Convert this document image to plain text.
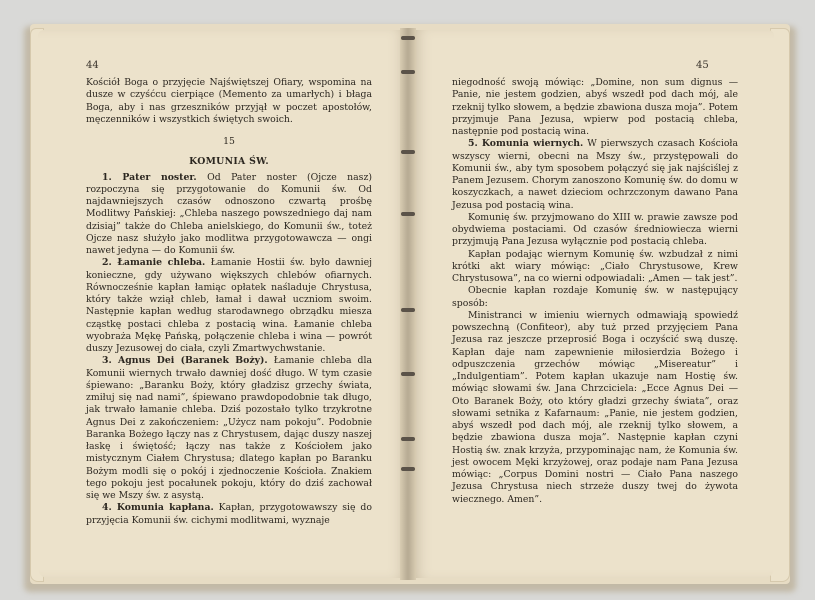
44	45

Kościół Boga o przyjęcie Najświętszej Ofiary, wspomina na dusze w czyśćcu cierpiące (Memento za umarłych) i błaga Boga, aby i nas grzeszników przyjął w poczet apostołów, męczenników i wszystkich świętych swoich.

15

KOMUNIA ŚW.

1. Pater noster. Od Pater noster (Ojcze nasz) rozpoczyna się przygotowanie do Komunii św. Od najdawniejszych czasów odnoszono czwartą prośbę Modlitwy Pańskiej: „Chleba naszego powszedniego daj nam dzisiaj” także do Chleba anielskiego, do Komunii św., toteż Ojcze nasz służyło jako modlitwa przygotowawcza — ongi nawet jedyna — do Komunii św.

2. Łamanie chleba. Łamanie Hostii św. było dawniej konieczne, gdy używano większych chlebów ofiarnych. Równocześnie kapłan łamiąc opłatek naśladuje Chrystusa, który także wziął chleb, łamał i dawał uczniom swoim. Następnie kapłan według starodawnego obrządku miesza cząstkę postaci chleba z postacią wina. Łamanie chleba wyobraża Mękę Pańską, połączenie chleba i wina — powrót duszy Jezusowej do ciała, czyli Zmartwychwstanie.

3. Agnus Dei (Baranek Boży). Łamanie chleba dla Komunii wiernych trwało dawniej dość długo. W tym czasie śpiewano: „Baranku Boży, który gładzisz grzechy świata, zmiłuj się nad nami”, śpiewano prawdopodobnie tak długo, jak trwało łamanie chleba. Dziś pozostało tylko trzykrotne Agnus Dei z zakończeniem: „Użycz nam pokoju”. Podobnie Baranka Bożego łączy nas z Chrystusem, dając duszy naszej łaskę i świętość; łączy nas także z Kościołem jako mistycznym Ciałem Chrystusa; dlatego kapłan po Baranku Bożym modli się o pokój i zjednoczenie Kościoła. Znakiem tego pokoju jest pocałunek pokoju, który do dziś zachował się we Mszy św. z asystą.

4. Komunia kapłana. Kapłan, przygotowawszy się do przyjęcia Komunii św. cichymi modlitwami, wyznaje

niegodność swoją mówiąc: „Domine, non sum dignus — Panie, nie jestem godzien, abyś wszedł pod dach mój, ale rzeknij tylko słowem, a będzie zbawiona dusza moja”. Potem przyjmuje Pana Jezusa, wpierw pod postacią chleba, następnie pod postacią wina.

5. Komunia wiernych. W pierwszych czasach Kościoła wszyscy wierni, obecni na Mszy św., przystępowali do Komunii św., aby tym sposobem połączyć się jak najściślej z Panem Jezusem. Chorym zanoszono Komunię św. do domu w koszyczkach, a nawet dzieciom ochrzczonym dawano Pana Jezusa pod postacią wina.

Komunię św. przyjmowano do XIII w. prawie zawsze pod obydwiema postaciami. Od czasów średniowiecza wierni przyjmują Pana Jezusa wyłącznie pod postacią chleba.

Kapłan podając wiernym Komunię św. wzbudzał z nimi krótki akt wiary mówiąc: „Ciało Chrystusowe, Krew Chrystusowa”, na co wierni odpowiadali: „Amen — tak jest”.

Obecnie kapłan rozdaje Komunię św. w następujący sposób:

Ministranci w imieniu wiernych odmawiają spowiedź powszechną (Confiteor), aby tuż przed przyjęciem Pana Jezusa raz jeszcze przeprosić Boga i oczyścić swą duszę. Kapłan daje nam zapewnienie miłosierdzia Bożego i odpuszczenia grzechów mówiąc „Misereatur” i „Indulgentiam”. Potem kapłan ukazuje nam Hostię św. mówiąc słowami św. Jana Chrzciciela: „Ecce Agnus Dei — Oto Baranek Boży, oto który gładzi grzechy świata”, oraz słowami setnika z Kafarnaum: „Panie, nie jestem godzien, abyś wszedł pod dach mój, ale rzeknij tylko słowem, a będzie zbawiona dusza moja”. Następnie kapłan czyni Hostią św. znak krzyża, przypominając nam, że Komunia św. jest owocem Męki krzyżowej, oraz podaje nam Pana Jezusa mówiąc: „Corpus Domini nostri — Ciało Pana naszego Jezusa Chrystusa niech strzeże duszy twej do żywota wiecznego. Amen”.
